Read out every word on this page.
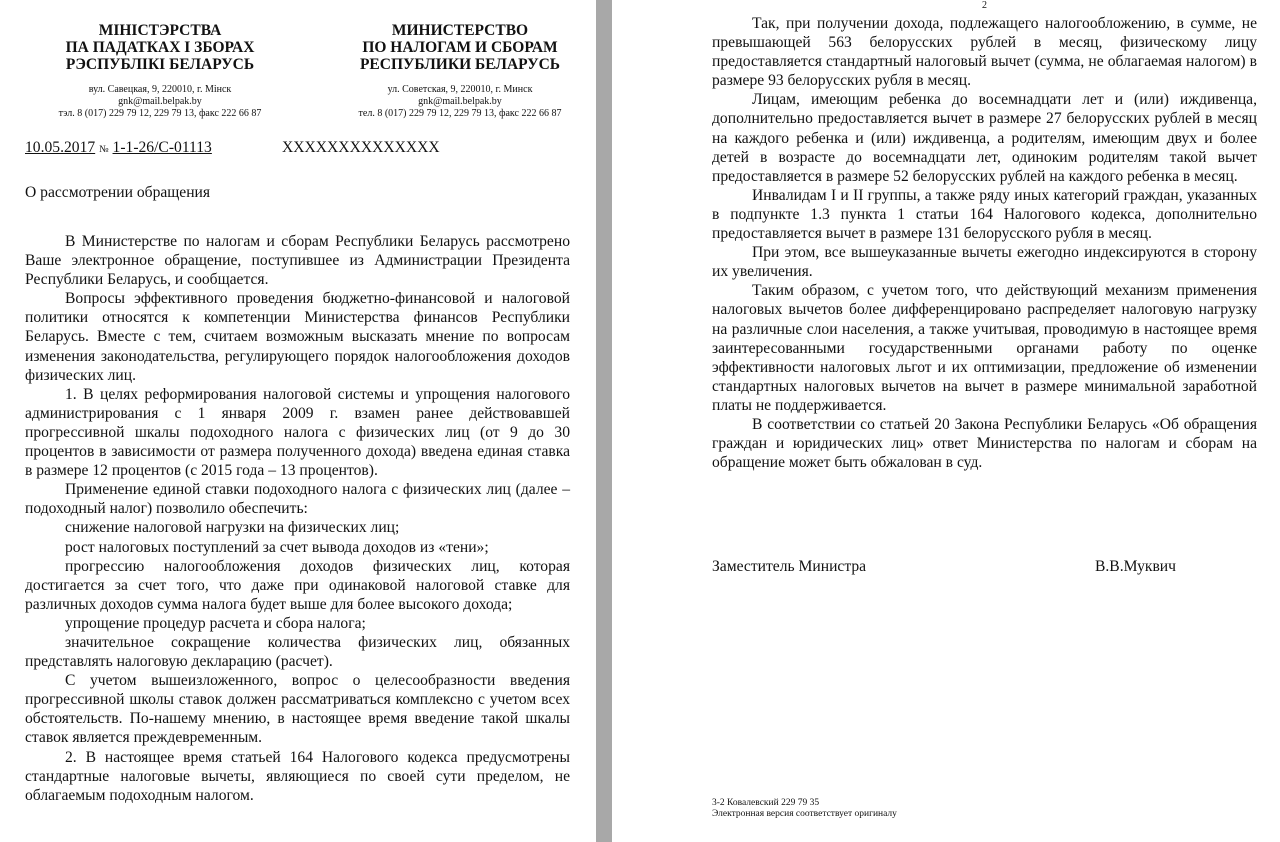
МІНІСТЭРСТВА
ПА ПАДАТКАХ І ЗБОРАХ
РЭСПУБЛІКІ БЕЛАРУСЬ
МИНИСТЕРСТВО
ПО НАЛОГАМ И СБОРАМ
РЕСПУБЛИКИ БЕЛАРУСЬ
вул. Савецкая, 9, 220010, г. Мінск
gnk@mail.belpak.by
тэл. 8 (017) 229 79 12, 229 79 13, факс 222 66 87
ул. Советская, 9, 220010, г. Минск
gnk@mail.belpak.by
тел. 8 (017) 229 79 12, 229 79 13, факс 222 66 87
10.05.2017 № 1-1-26/С-01113	XXXXXXXXXXXXXX
О рассмотрении обращения

В Министерстве по налогам и сборам Республики Беларусь рассмотрено Ваше электронное обращение, поступившее из Администрации Президента Республики Беларусь, и сообщается.

Вопросы эффективного проведения бюджетно-финансовой и налоговой политики относятся к компетенции Министерства финансов Республики Беларусь. Вместе с тем, считаем возможным высказать мнение по вопросам изменения законодательства, регулирующего порядок налогообложения доходов физических лиц.

1. В целях реформирования налоговой системы и упрощения налогового администрирования с 1 января 2009 г. взамен ранее действовавшей прогрессивной шкалы подоходного налога с физических лиц (от 9 до 30 процентов в зависимости от размера полученного дохода) введена единая ставка в размере 12 процентов (с 2015 года – 13 процентов).

Применение единой ставки подоходного налога с физических лиц (далее – подоходный налог) позволило обеспечить:

снижение налоговой нагрузки на физических лиц;

рост налоговых поступлений за счет вывода доходов из «тени»;

прогрессию налогообложения доходов физических лиц, которая достигается за счет того, что даже при одинаковой налоговой ставке для различных доходов сумма налога будет выше для более высокого дохода;

упрощение процедур расчета и сбора налога;

значительное сокращение количества физических лиц, обязанных представлять налоговую декларацию (расчет).

С учетом вышеизложенного, вопрос о целесообразности введения прогрессивной школы ставок должен рассматриваться комплексно с учетом всех обстоятельств. По-нашему мнению, в настоящее время введение такой шкалы ставок является преждевременным.

2. В настоящее время статьей 164 Налогового кодекса предусмотрены стандартные налоговые вычеты, являющиеся по своей сути пределом, не облагаемым подоходным налогом.

2

Так, при получении дохода, подлежащего налогообложению, в сумме, не превышающей 563 белорусских рублей в месяц, физическому лицу предоставляется стандартный налоговый вычет (сумма, не облагаемая налогом) в размере 93 белорусских рубля в месяц.

Лицам, имеющим ребенка до восемнадцати лет и (или) иждивенца, дополнительно предоставляется вычет в размере 27 белорусских рублей в месяц на каждого ребенка и (или) иждивенца, а родителям, имеющим двух и более детей в возрасте до восемнадцати лет, одиноким родителям такой вычет предоставляется в размере 52 белорусских рублей на каждого ребенка в месяц.

Инвалидам I и II группы, а также ряду иных категорий граждан, указанных в подпункте 1.3 пункта 1 статьи 164 Налогового кодекса, дополнительно предоставляется вычет в размере 131 белорусского рубля в месяц.

При этом, все вышеуказанные вычеты ежегодно индексируются в сторону их увеличения.

Таким образом, с учетом того, что действующий механизм применения налоговых вычетов более дифференцировано распределяет налоговую нагрузку на различные слои населения, а также учитывая, проводимую в настоящее время заинтересованными государственными органами работу по оценке эффективности налоговых льгот и их оптимизации, предложение об изменении стандартных налоговых вычетов на вычет в размере минимальной заработной платы не поддерживается.

В соответствии со статьей 20 Закона Республики Беларусь «Об обращения граждан и юридических лиц» ответ Министерства по налогам и сборам на обращение может быть обжалован в суд.

Заместитель Министра	В.В.Муквич
3-2 Ковалевский 229 79 35
Электронная версия соответствует оригиналу
